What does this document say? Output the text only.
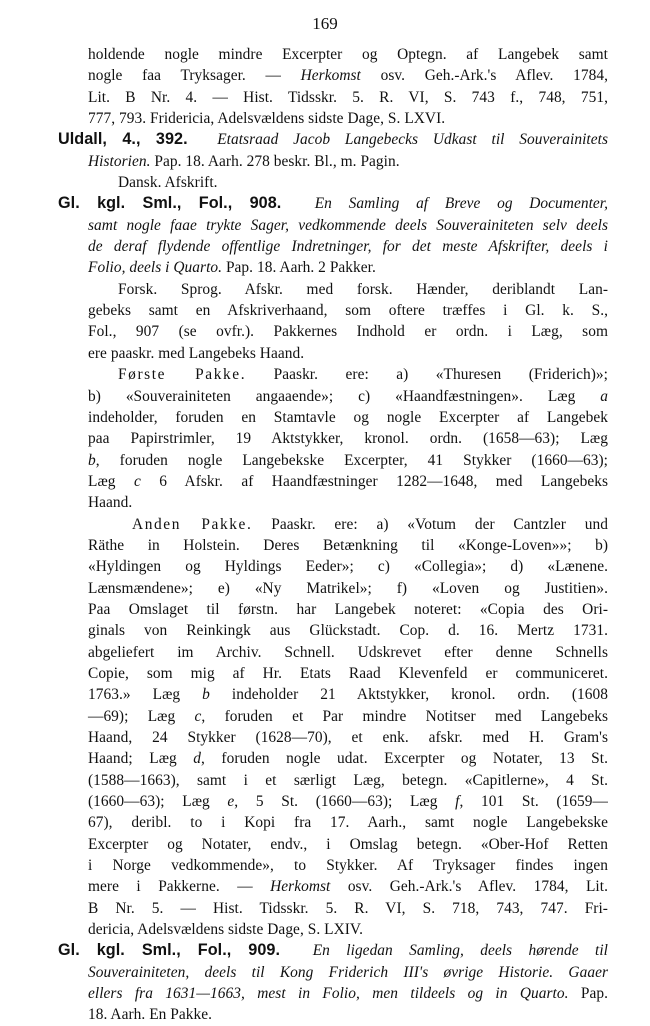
169
holdende nogle mindre Excerpter og Optegn. af Langebek samt
nogle faa Tryksager. — Herkomst osv. Geh.-Ark.'s Aflev. 1784,
Lit. B Nr. 4. — Hist. Tidsskr. 5. R. VI, S. 743 f., 748, 751,
777, 793. Fridericia, Adelsvældens sidste Dage, S. LXVI.
Uldall, 4., 392. Etatsraad Jacob Langebecks Udkast til Souverainitets
Historien. Pap. 18. Aarh. 278 beskr. Bl., m. Pagin.
Dansk. Afskrift.
Gl. kgl. Sml., Fol., 908. En Samling af Breve og Documenter,
samt nogle faae trykte Sager, vedkommende deels Souverainiteten selv deels
de deraf flydende offentlige Indretninger, for det meste Afskrifter, deels i
Folio, deels i Quarto. Pap. 18. Aarh. 2 Pakker.
Forsk. Sprog. Afskr. med forsk. Hænder, deriblandt Lan-
gebeks samt en Afskriverhaand, som oftere træffes i Gl. k. S.,
Fol., 907 (se ovfr.). Pakkernes Indhold er ordn. i Læg, som
ere paaskr. med Langebeks Haand.
Første Pakke. Paaskr. ere: a) «Thuresen (Friderich)»;
b) «Souverainiteten angaaende»; c) «Haandfæstningen». Læg a
indeholder, foruden en Stamtavle og nogle Excerpter af Langebek
paa Papirstrimler, 19 Aktstykker, kronol. ordn. (1658—63); Læg
b, foruden nogle Langebekske Excerpter, 41 Stykker (1660—63);
Læg c 6 Afskr. af Haandfæstninger 1282—1648, med Langebeks
Haand.
Anden Pakke. Paaskr. ere: a) «Votum der Cantzler und
Räthe in Holstein. Deres Betænkning til «Konge-Loven»»; b)
«Hyldingen og Hyldings Eeder»; c) «Collegia»; d) «Lænene.
Lænsmændene»; e) «Ny Matrikel»; f) «Loven og Justitien».
Paa Omslaget til førstn. har Langebek noteret: «Copia des Ori-
ginals von Reinkingk aus Glückstadt. Cop. d. 16. Mertz 1731.
abgeliefert im Archiv. Schnell. Udskrevet efter denne Schnells
Copie, som mig af Hr. Etats Raad Klevenfeld er communiceret.
1763.» Læg b indeholder 21 Aktstykker, kronol. ordn. (1608
—69); Læg c, foruden et Par mindre Notitser med Langebeks
Haand, 24 Stykker (1628—70), et enk. afskr. med H. Gram's
Haand; Læg d, foruden nogle udat. Excerpter og Notater, 13 St.
(1588—1663), samt i et særligt Læg, betegn. «Capitlerne», 4 St.
(1660—63); Læg e, 5 St. (1660—63); Læg f, 101 St. (1659—
67), deribl. to i Kopi fra 17. Aarh., samt nogle Langebekske
Excerpter og Notater, endv., i Omslag betegn. «Ober-Hof Retten
i Norge vedkommende», to Stykker. Af Tryksager findes ingen
mere i Pakkerne. — Herkomst osv. Geh.-Ark.'s Aflev. 1784, Lit.
B Nr. 5. — Hist. Tidsskr. 5. R. VI, S. 718, 743, 747. Fri-
dericia, Adelsvældens sidste Dage, S. LXIV.
Gl. kgl. Sml., Fol., 909. En ligedan Samling, deels hørende til
Souverainiteten, deels til Kong Friderich III's øvrige Historie. Gaaer
ellers fra 1631—1663, mest in Folio, men tildeels og in Quarto. Pap.
18. Aarh. En Pakke.
